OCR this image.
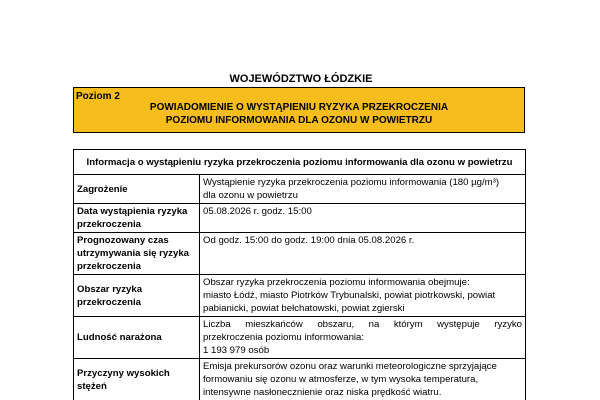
WOJEWÓDZTWO ŁÓDZKIE
Poziom 2
POWIADOMIENIE O WYSTĄPIENIU RYZYKA PRZEKROCZENIA
POZIOMU INFORMOWANIA DLA OZONU W POWIETRZU
Informacja o wystąpieniu ryzyka przekroczenia poziomu informowania dla ozonu w powietrzu	
Zagrożenie	Wystąpienie ryzyka przekroczenia poziomu informowania (180 µg/m³)
dla ozonu w powietrzu

Data wystąpienia ryzyka przekroczenia	05.08.2026 r. godz. 15:00

Prognozowany czas utrzymywania się ryzyka przekroczenia	Od godz. 15:00 do godz. 19:00 dnia 05.08.2026 r.

Obszar ryzyka przekroczenia	Obszar ryzyka przekroczenia poziomu informowania obejmuje:
miasto Łódź, miasto Piotrków Trybunalski, powiat piotrkowski, powiat
pabianicki, powiat bełchatowski, powiat zgierski

Ludność narażona	Liczba mieszkańców obszaru, na którym występuje ryzyko
przekroczenia poziomu informowania:
1 193 979 osób

Przyczyny wysokich stężeń	Emisja prekursorów ozonu oraz warunki meteorologiczne sprzyjające
formowaniu się ozonu w atmosferze, w tym wysoka temperatura,
intensywne nasłonecznienie oraz niska prędkość wiatru.
